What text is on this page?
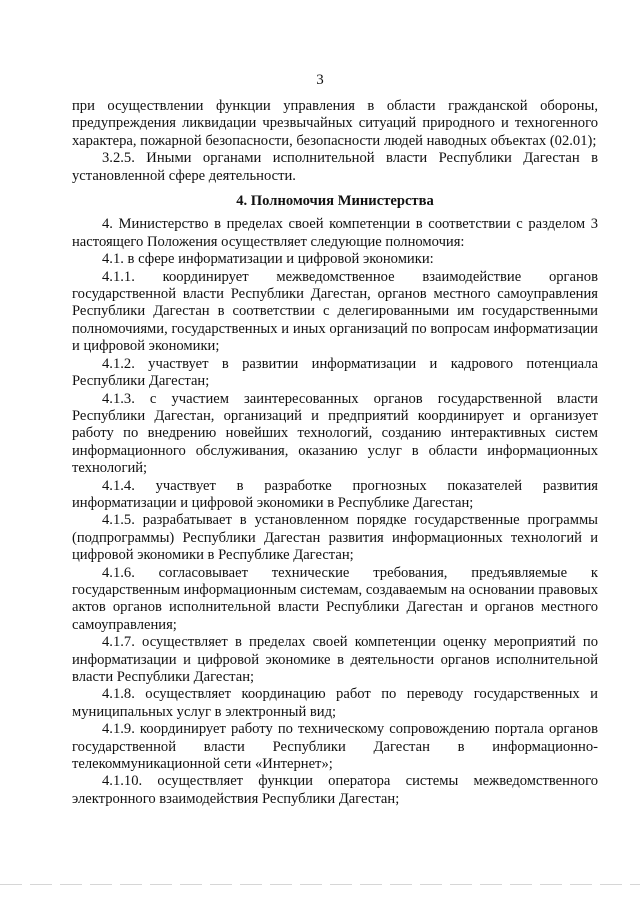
3

при осуществлении функции управления в области гражданской обороны, предупреждения ликвидации чрезвычайных ситуаций природного и техногенного характера, пожарной безопасности, безопасности людей наводных объектах (02.01);

3.2.5. Иными органами исполнительной власти Республики Дагестан в установленной сфере деятельности.

4. Полномочия Министерства

4. Министерство в пределах своей компетенции в соответствии с разделом 3 настоящего Положения осуществляет следующие полномочия:

4.1. в сфере информатизации и цифровой экономики:

4.1.1. координирует межведомственное взаимодействие органов государственной власти Республики Дагестан, органов местного самоуправления Республики Дагестан в соответствии с делегированными им государственными полномочиями, государственных и иных организаций по вопросам информатизации и цифровой экономики;

4.1.2. участвует в развитии информатизации и кадрового потенциала Республики Дагестан;

4.1.3. с участием заинтересованных органов государственной власти Республики Дагестан, организаций и предприятий координирует и организует работу по внедрению новейших технологий, созданию интерактивных систем информационного обслуживания, оказанию услуг в области информационных технологий;

4.1.4. участвует в разработке прогнозных показателей развития информатизации и цифровой экономики в Республике Дагестан;

4.1.5. разрабатывает в установленном порядке государственные программы (подпрограммы) Республики Дагестан развития информационных технологий и цифровой экономики в Республике Дагестан;

4.1.6. согласовывает технические требования, предъявляемые к государственным информационным системам, создаваемым на основании правовых актов органов исполнительной власти Республики Дагестан и органов местного самоуправления;

4.1.7. осуществляет в пределах своей компетенции оценку мероприятий по информатизации и цифровой экономике в деятельности органов исполнительной власти Республики Дагестан;

4.1.8. осуществляет координацию работ по переводу государственных и муниципальных услуг в электронный вид;

4.1.9. координирует работу по техническому сопровождению портала органов государственной власти Республики Дагестан в информационно-телекоммуникационной сети «Интернет»;

4.1.10. осуществляет функции оператора системы межведомственного электронного взаимодействия Республики Дагестан;
